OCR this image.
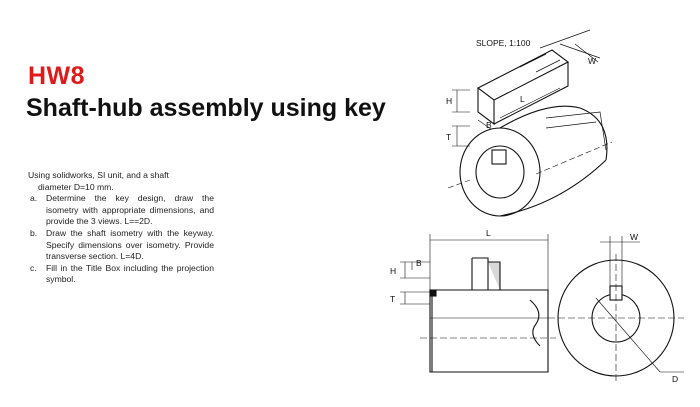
HW8
Shaft-hub assembly using key
Using solidworks, SI unit, and a shaft
diameter D=10 mm.
a.	Determine the key design, draw the isometry with appropriate dimensions, and provide the 3 views. L==2D.
b.	Draw the shaft isometry with the keyway. Specify dimensions over isometry. Provide transverse section. L=4D.
c.	Fill in the Title Box including the projection symbol.
SLOPE, 1:100
W
H
B
L
T
L
H
B
T
W
D
